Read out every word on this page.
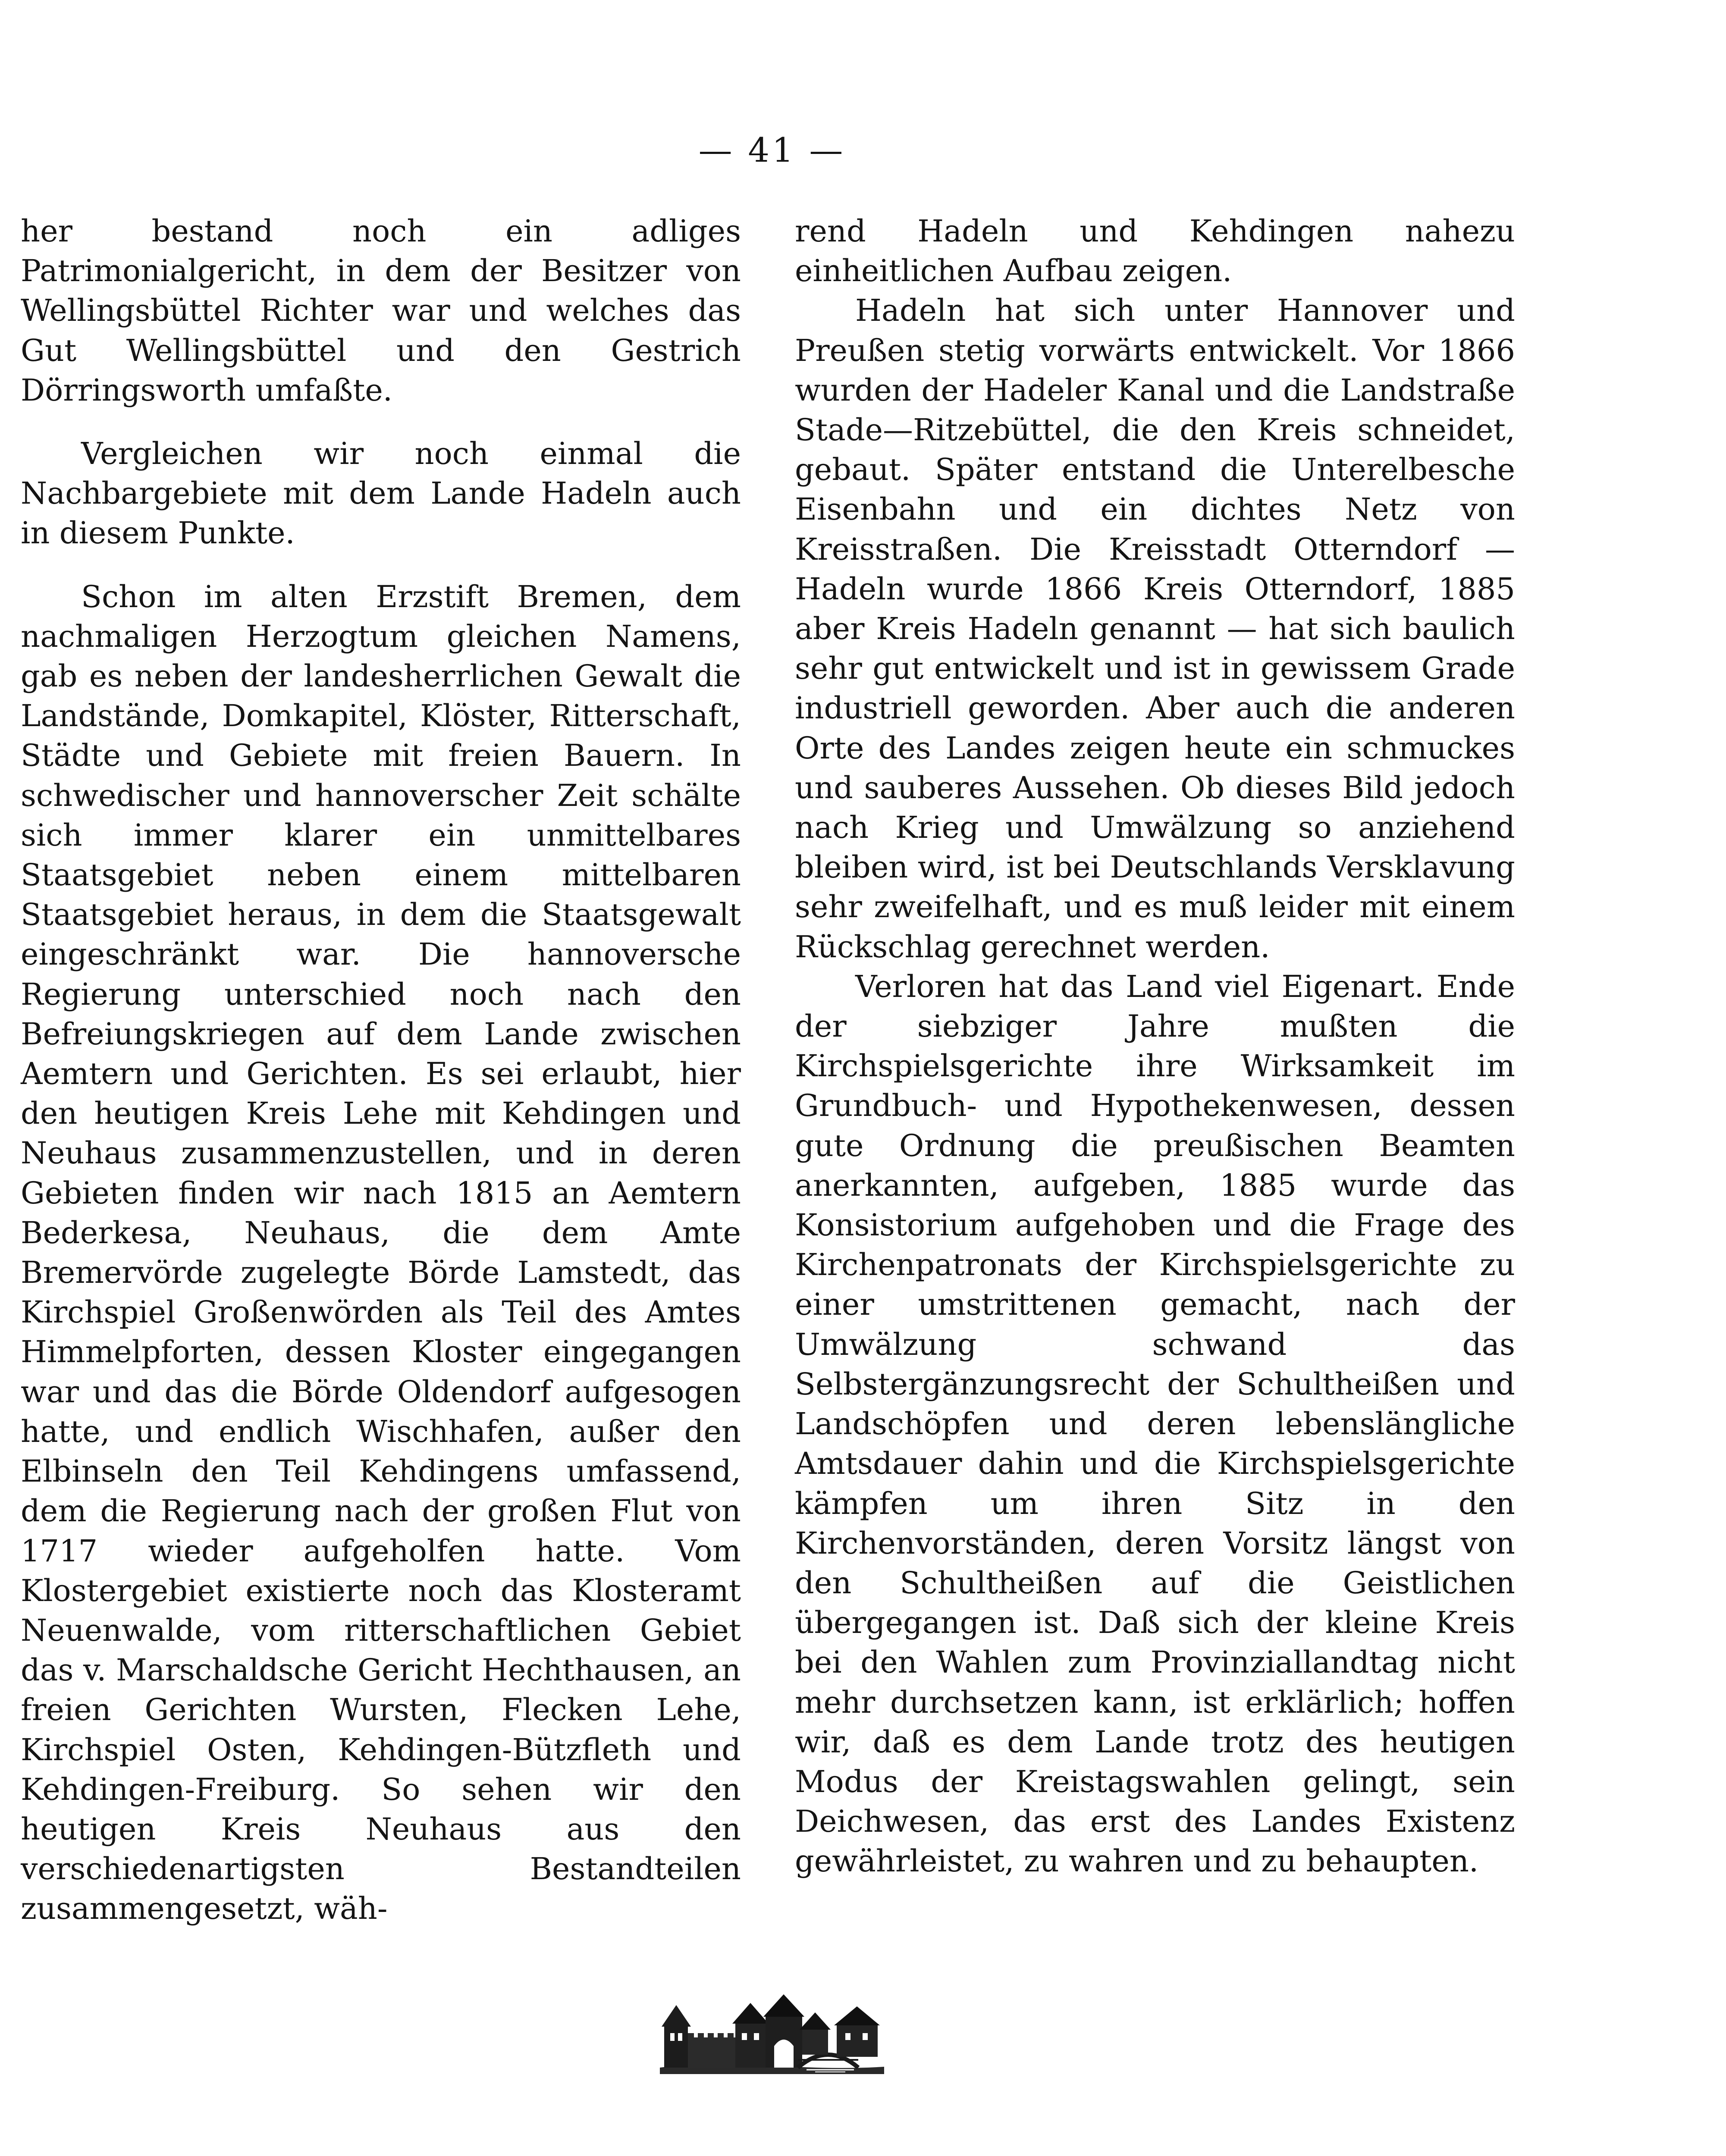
— 41 —

her bestand noch ein adliges Patrimonialgericht, in dem der Besitzer von Wellingsbüttel Richter war und welches das Gut Wellingsbüttel und den Gestrich Dörringsworth umfaßte.

Vergleichen wir noch einmal die Nachbargebiete mit dem Lande Hadeln auch in diesem Punkte.

Schon im alten Erzstift Bremen, dem nachmaligen Herzogtum gleichen Namens, gab es neben der landesherrlichen Gewalt die Landstände, Domkapitel, Klöster, Ritterschaft, Städte und Gebiete mit freien Bauern. In schwedischer und hannoverscher Zeit schälte sich immer klarer ein unmittelbares Staatsgebiet neben einem mittelbaren Staatsgebiet heraus, in dem die Staatsgewalt eingeschränkt war. Die hannoversche Regierung unterschied noch nach den Befreiungskriegen auf dem Lande zwischen Aemtern und Gerichten. Es sei erlaubt, hier den heutigen Kreis Lehe mit Kehdingen und Neuhaus zusammenzustellen, und in deren Gebieten finden wir nach 1815 an Aemtern Bederkesa, Neuhaus, die dem Amte Bremervörde zugelegte Börde Lamstedt, das Kirchspiel Großenwörden als Teil des Amtes Himmelpforten, dessen Kloster eingegangen war und das die Börde Oldendorf aufgesogen hatte, und endlich Wischhafen, außer den Elbinseln den Teil Kehdingens umfassend, dem die Regierung nach der großen Flut von 1717 wieder aufgeholfen hatte. Vom Klostergebiet existierte noch das Klosteramt Neuenwalde, vom ritterschaftlichen Gebiet das v. Marschaldsche Gericht Hechthausen, an freien Gerichten Wursten, Flecken Lehe, Kirchspiel Osten, Kehdingen-Bützfleth und Kehdingen-Freiburg. So sehen wir den heutigen Kreis Neuhaus aus den verschiedenartigsten Bestandteilen zusammengesetzt, wäh-

rend Hadeln und Kehdingen nahezu einheitlichen Aufbau zeigen.

Hadeln hat sich unter Hannover und Preußen stetig vorwärts entwickelt. Vor 1866 wurden der Hadeler Kanal und die Landstraße Stade—Ritzebüttel, die den Kreis schneidet, gebaut. Später entstand die Unterelbesche Eisenbahn und ein dichtes Netz von Kreisstraßen. Die Kreisstadt Otterndorf — Hadeln wurde 1866 Kreis Otterndorf, 1885 aber Kreis Hadeln genannt — hat sich baulich sehr gut entwickelt und ist in gewissem Grade industriell geworden. Aber auch die anderen Orte des Landes zeigen heute ein schmuckes und sauberes Aussehen. Ob dieses Bild jedoch nach Krieg und Umwälzung so anziehend bleiben wird, ist bei Deutschlands Versklavung sehr zweifelhaft, und es muß leider mit einem Rückschlag gerechnet werden.

Verloren hat das Land viel Eigenart. Ende der siebziger Jahre mußten die Kirchspielsgerichte ihre Wirksamkeit im Grundbuch- und Hypothekenwesen, dessen gute Ordnung die preußischen Beamten anerkannten, aufgeben, 1885 wurde das Konsistorium aufgehoben und die Frage des Kirchenpatronats der Kirchspielsgerichte zu einer umstrittenen gemacht, nach der Umwälzung schwand das Selbstergänzungsrecht der Schultheißen und Landschöpfen und deren lebenslängliche Amtsdauer dahin und die Kirchspielsgerichte kämpfen um ihren Sitz in den Kirchenvorständen, deren Vorsitz längst von den Schultheißen auf die Geistlichen übergegangen ist. Daß sich der kleine Kreis bei den Wahlen zum Provinziallandtag nicht mehr durchsetzen kann, ist erklärlich; hoffen wir, daß es dem Lande trotz des heutigen Modus der Kreistagswahlen gelingt, sein Deichwesen, das erst des Landes Existenz gewährleistet, zu wahren und zu behaupten.
